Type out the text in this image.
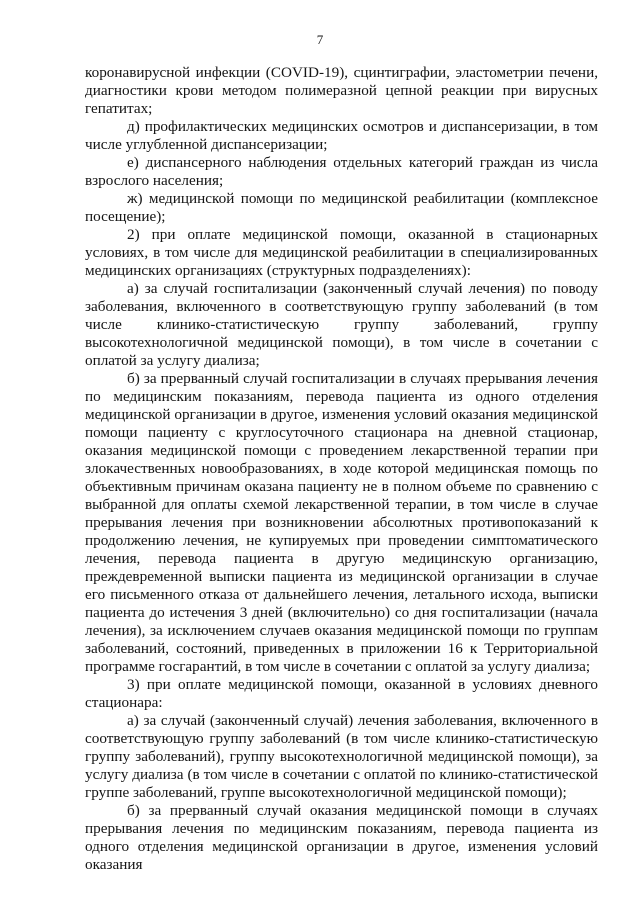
7

коронавирусной инфекции (COVID-19), сцинтиграфии, эластометрии печени, диагностики крови методом полимеразной цепной реакции при вирусных гепатитах;

д) профилактических медицинских осмотров и диспансеризации, в том числе углубленной диспансеризации;

е) диспансерного наблюдения отдельных категорий граждан из числа взрослого населения;

ж) медицинской помощи по медицинской реабилитации (комплексное посещение);

2) при оплате медицинской помощи, оказанной в стационарных условиях, в том числе для медицинской реабилитации в специализированных медицинских организациях (структурных подразделениях):

а) за случай госпитализации (законченный случай лечения) по поводу заболевания, включенного в соответствующую группу заболеваний (в том числе клинико-статистическую группу заболеваний, группу высокотехнологичной медицинской помощи), в том числе в сочетании с оплатой за услугу диализа;

б) за прерванный случай госпитализации в случаях прерывания лечения по медицинским показаниям, перевода пациента из одного отделения медицинской организации в другое, изменения условий оказания медицинской помощи пациенту с круглосуточного стационара на дневной стационар, оказания медицинской помощи с проведением лекарственной терапии при злокачественных новообразованиях, в ходе которой медицинская помощь по объективным причинам оказана пациенту не в полном объеме по сравнению с выбранной для оплаты схемой лекарственной терапии, в том числе в случае прерывания лечения при возникновении абсолютных противопоказаний к продолжению лечения, не купируемых при проведении симптоматического лечения, перевода пациента в другую медицинскую организацию, преждевременной выписки пациента из медицинской организации в случае его письменного отказа от дальнейшего лечения, летального исхода, выписки пациента до истечения 3 дней (включительно) со дня госпитализации (начала лечения), за исключением случаев оказания медицинской помощи по группам заболеваний, состояний, приведенных в приложении 16 к Территориальной программе госгарантий, в том числе в сочетании с оплатой за услугу диализа;

3) при оплате медицинской помощи, оказанной в условиях дневного стационара:

а) за случай (законченный случай) лечения заболевания, включенного в соответствующую группу заболеваний (в том числе клинико-статистическую группу заболеваний), группу высокотехнологичной медицинской помощи), за услугу диализа (в том числе в сочетании с оплатой по клинико-статистической группе заболеваний, группе высокотехнологичной медицинской помощи);

б) за прерванный случай оказания медицинской помощи в случаях прерывания лечения по медицинским показаниям, перевода пациента из одного отделения медицинской организации в другое, изменения условий оказания
